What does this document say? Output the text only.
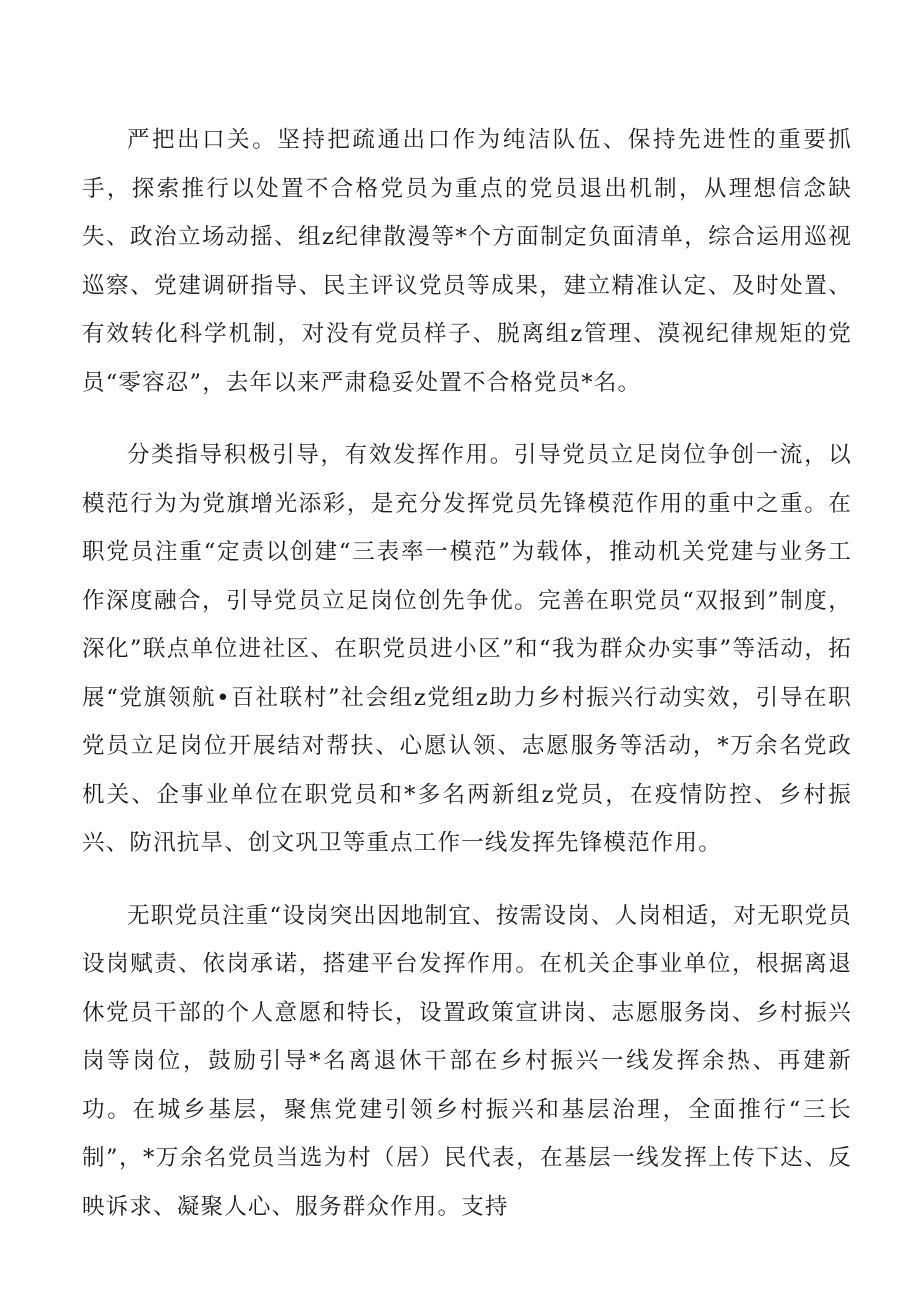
严把出口关。坚持把疏通出口作为纯洁队伍、保持先进性的重要抓手，探索推行以处置不合格党员为重点的党员退出机制，从理想信念缺失、政治立场动摇、组z纪律散漫等*个方面制定负面清单，综合运用巡视巡察、党建调研指导、民主评议党员等成果，建立精准认定、及时处置、有效转化科学机制，对没有党员样子、脱离组z管理、漠视纪律规矩的党员“零容忍”，去年以来严肃稳妥处置不合格党员*名。

分类指导积极引导，有效发挥作用。引导党员立足岗位争创一流，以模范行为为党旗增光添彩，是充分发挥党员先锋模范作用的重中之重。在职党员注重“定责以创建“三表率一模范”为载体，推动机关党建与业务工作深度融合，引导党员立足岗位创先争优。完善在职党员“双报到”制度，深化”联点单位进社区、在职党员进小区”和“我为群众办实事”等活动，拓展“党旗领航•百社联村”社会组z党组z助力乡村振兴行动实效，引导在职党员立足岗位开展结对帮扶、心愿认领、志愿服务等活动，*万余名党政机关、企事业单位在职党员和*多名两新组z党员，在疫情防控、乡村振兴、防汛抗旱、创文巩卫等重点工作一线发挥先锋模范作用。

无职党员注重“设岗突出因地制宜、按需设岗、人岗相适，对无职党员设岗赋责、依岗承诺，搭建平台发挥作用。在机关企事业单位，根据离退休党员干部的个人意愿和特长，设置政策宣讲岗、志愿服务岗、乡村振兴岗等岗位，鼓励引导*名离退休干部在乡村振兴一线发挥余热、再建新功。在城乡基层，聚焦党建引领乡村振兴和基层治理，全面推行“三长制”，*万余名党员当选为村（居）民代表，在基层一线发挥上传下达、反映诉求、凝聚人心、服务群众作用。支持
